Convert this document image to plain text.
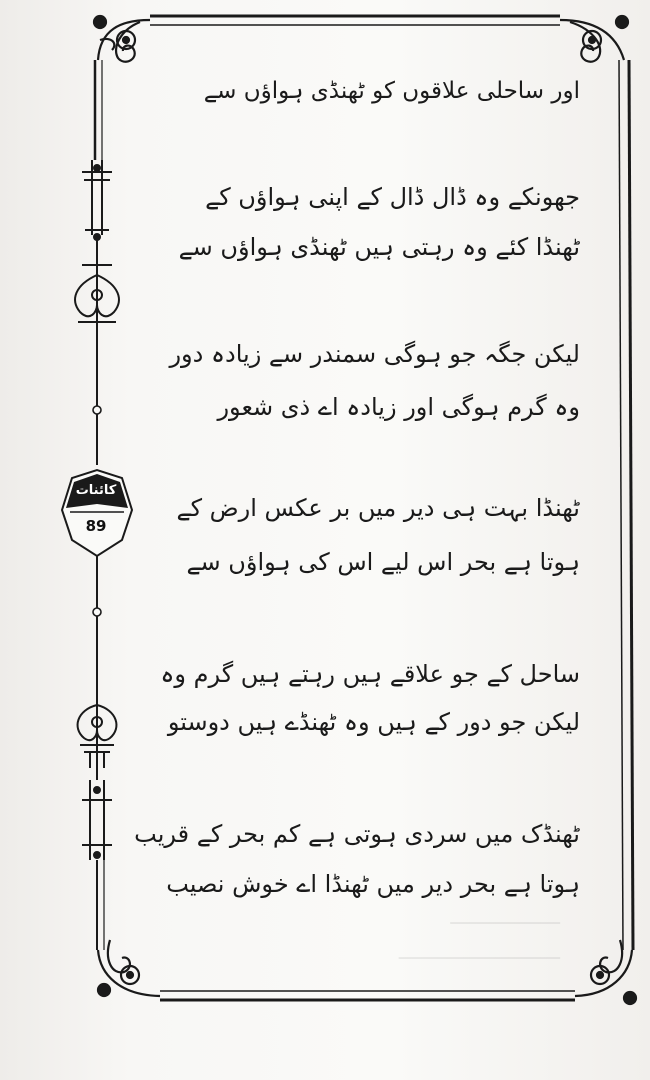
کائنات
89
ـــــــــــــــــ
ـــــــــــــــــــــــــ
اور ساحلی علاقوں کو ٹھنڈی ہواؤں سے
جھونکے وہ ڈال ڈال کے اپنی ہواؤں کے
ٹھنڈا کئے وہ رہتی ہیں ٹھنڈی ہواؤں سے
لیکن جگہ جو ہوگی سمندر سے زیادہ دور
وہ گرم ہوگی اور زیادہ اے ذی شعور
ٹھنڈا بہت ہی دیر میں بر عکس ارض کے
ہوتا ہے بحر اس لیے اس کی ہواؤں سے
ساحل کے جو علاقے ہیں رہتے ہیں گرم وہ
لیکن جو دور کے ہیں وہ ٹھنڈے ہیں دوستو
ٹھنڈک میں سردی ہوتی ہے کم بحر کے قریب
ہوتا ہے بحر دیر میں ٹھنڈا اے خوش نصیب
